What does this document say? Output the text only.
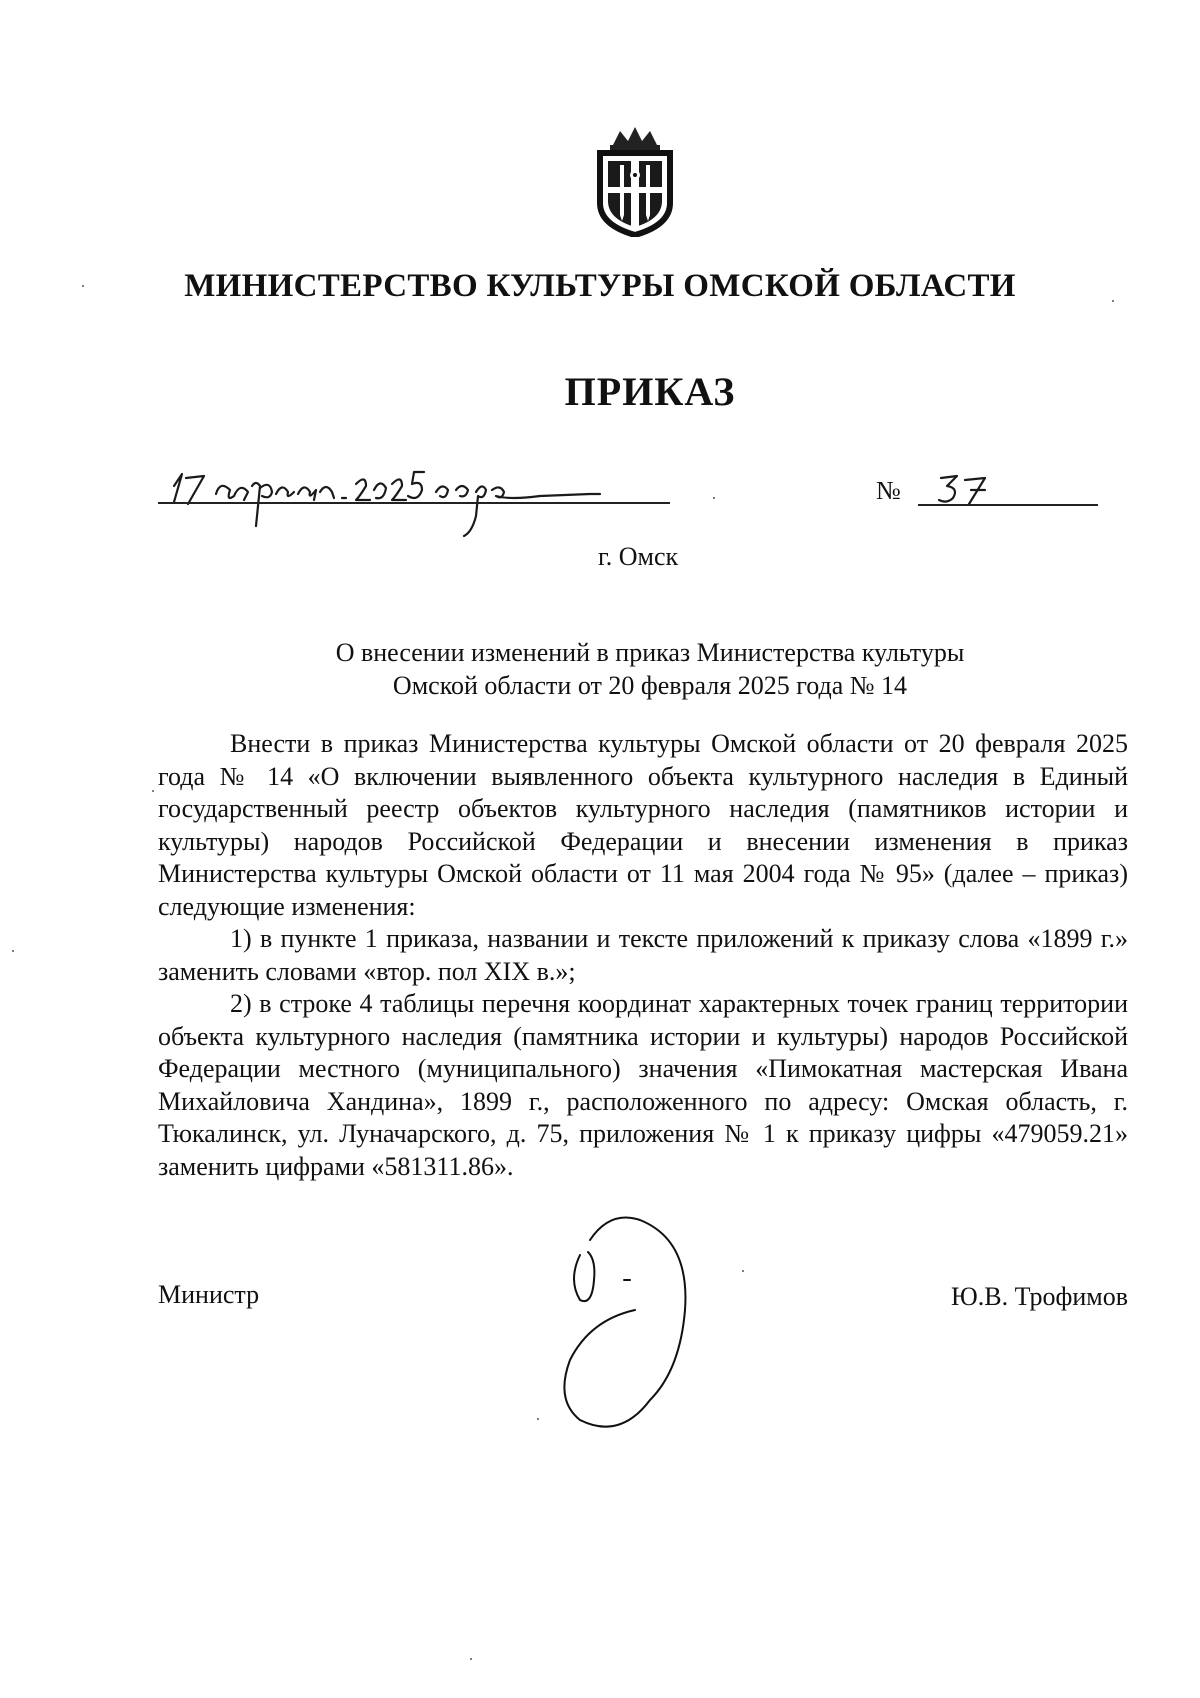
МИНИСТЕРСТВО КУЛЬТУРЫ ОМСКОЙ ОБЛАСТИ
ПРИКАЗ
№
г. Омск
О внесении изменений в приказ Министерства культуры
Омской области от 20 февраля 2025 года № 14

Внести в приказ Министерства культуры Омской области от 20 февраля 2025 года № 14 «О включении выявленного объекта культурного наследия в Единый государственный реестр объектов культурного наследия (памятников истории и культуры) народов Российской Федерации и внесении изменения в приказ Министерства культуры Омской области от 11 мая 2004 года № 95» (далее – приказ) следующие изменения:

1) в пункте 1 приказа, названии и тексте приложений к приказу слова «1899 г.» заменить словами «втор. пол XIX в.»;

2) в строке 4 таблицы перечня координат характерных точек границ территории объекта культурного наследия (памятника истории и культуры) народов Российской Федерации местного (муниципального) значения «Пимокатная мастерская Ивана Михайловича Хандина», 1899 г., расположенного по адресу: Омская область, г. Тюкалинск, ул. Луначарского, д. 75, приложения № 1 к приказу цифры «479059.21» заменить цифрами «581311.86».

Министр	Ю.В. Трофимов
